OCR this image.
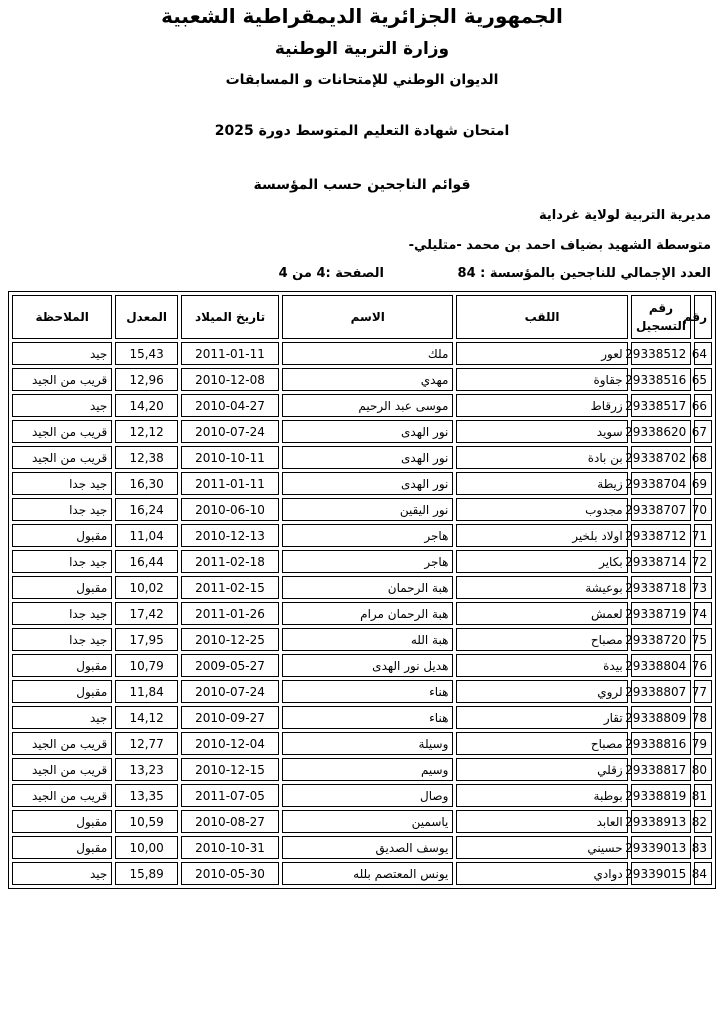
الجمهورية الجزائرية الديمقراطية الشعبية
وزارة التربية الوطنية
الديوان الوطني للإمتحانات و المسابقات
امتحان شهادة التعليم المتوسط دورة 2025
قوائم الناجحين حسب المؤسسة
مديرية التربية لولاية غرداية
متوسطة الشهيد بضياف احمد بن محمد -متليلي-
العدد الإجمالي للناجحين بالمؤسسة : 84
الصفحة :4 من 4
رقم	رقم التسجيل	اللقب	الاسم	تاريخ الميلاد	المعدل	الملاحظة
64	29338512	لعور	ملك	2011-01-11	15,43	جيد
65	29338516	جقاوة	مهدي	2010-12-08	12,96	قريب من الجيد
66	29338517	زرقاط	موسى عبد الرحيم	2010-04-27	14,20	جيد
67	29338620	سويد	نور الهدى	2010-07-24	12,12	قريب من الجيد
68	29338702	بن بادة	نور الهدى	2010-10-11	12,38	قريب من الجيد
69	29338704	زيطة	نور الهدى	2011-01-11	16,30	جيد جدا
70	29338707	مجدوب	نور اليقين	2010-06-10	16,24	جيد جدا
71	29338712	اولاد بلخير	هاجر	2010-12-13	11,04	مقبول
72	29338714	بكاير	هاجر	2011-02-18	16,44	جيد جدا
73	29338718	بوعيشة	هبة الرحمان	2011-02-15	10,02	مقبول
74	29338719	لعمش	هبة الرحمان مرام	2011-01-26	17,42	جيد جدا
75	29338720	مصباح	هبة الله	2010-12-25	17,95	جيد جدا
76	29338804	بيدة	هديل نور الهدى	2009-05-27	10,79	مقبول
77	29338807	لروي	هناء	2010-07-24	11,84	مقبول
78	29338809	تقار	هناء	2010-09-27	14,12	جيد
79	29338816	مصباح	وسيلة	2010-12-04	12,77	قريب من الجيد
80	29338817	زقلي	وسيم	2010-12-15	13,23	قريب من الجيد
81	29338819	بوطبة	وصال	2011-07-05	13,35	قريب من الجيد
82	29338913	العابد	ياسمين	2010-08-27	10,59	مقبول
83	29339013	حسيني	يوسف الصديق	2010-10-31	10,00	مقبول
84	29339015	دوادي	يونس المعتصم بلله	2010-05-30	15,89	جيد
